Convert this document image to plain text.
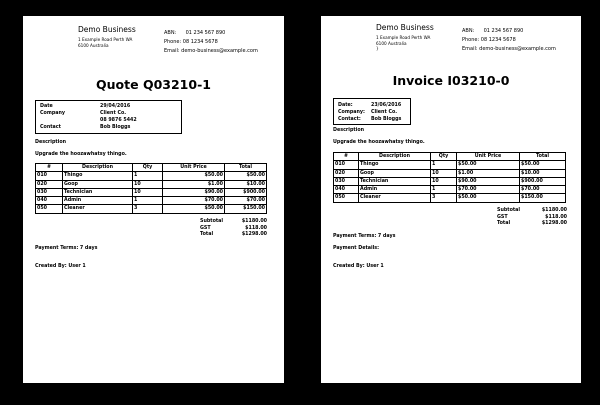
Demo Business
1 Example Road Perth WA
6100 Australia
ABN: 01 234 567 890
Phone: 08 1234 5678
Email: demo-business@example.com
Quote Q03210-1
Date	29/04/2016
Company	Client Co.
08 9876 5442
Contact	Bob Bloggs
Description
Upgrade the hoozawhatsy thingo.
#	Description	Qty	Unit Price	Total
010	Thingo	1	$50.00	$50.00
020	Goop	10	$1.00	$10.00
030	Technician	10	$90.00	$900.00
040	Admin	1	$70.00	$70.00
050	Cleaner	3	$50.00	$150.00
Subtotal	$1180.00
GST	$118.00
Total	$1298.00
Payment Terms: 7 days
Created By: User 1
Demo Business
1 Example Road Perth WA
6100 Australia
}
ABN: 01 234 567 890
Phone: 08 1234 5678
Email: demo-business@example.com
Invoice I03210-0
Date:	23/06/2016
Company:	Client Co.
Contact:	Bob Bloggs
Description
Upgrade the hoozawhatsy thingo.
#	Description	Qty	Unit Price	Total
010	Thingo	1	$50.00	$50.00
020	Goop	10	$1.00	$10.00
030	Technician	10	$90.00	$900.00
040	Admin	1	$70.00	$70.00
050	Cleaner	3	$50.00	$150.00
Subtotal	$1180.00
GST	$118.00
Total	$1298.00
Payment Terms: 7 days
Payment Details:
Created By: User 1
